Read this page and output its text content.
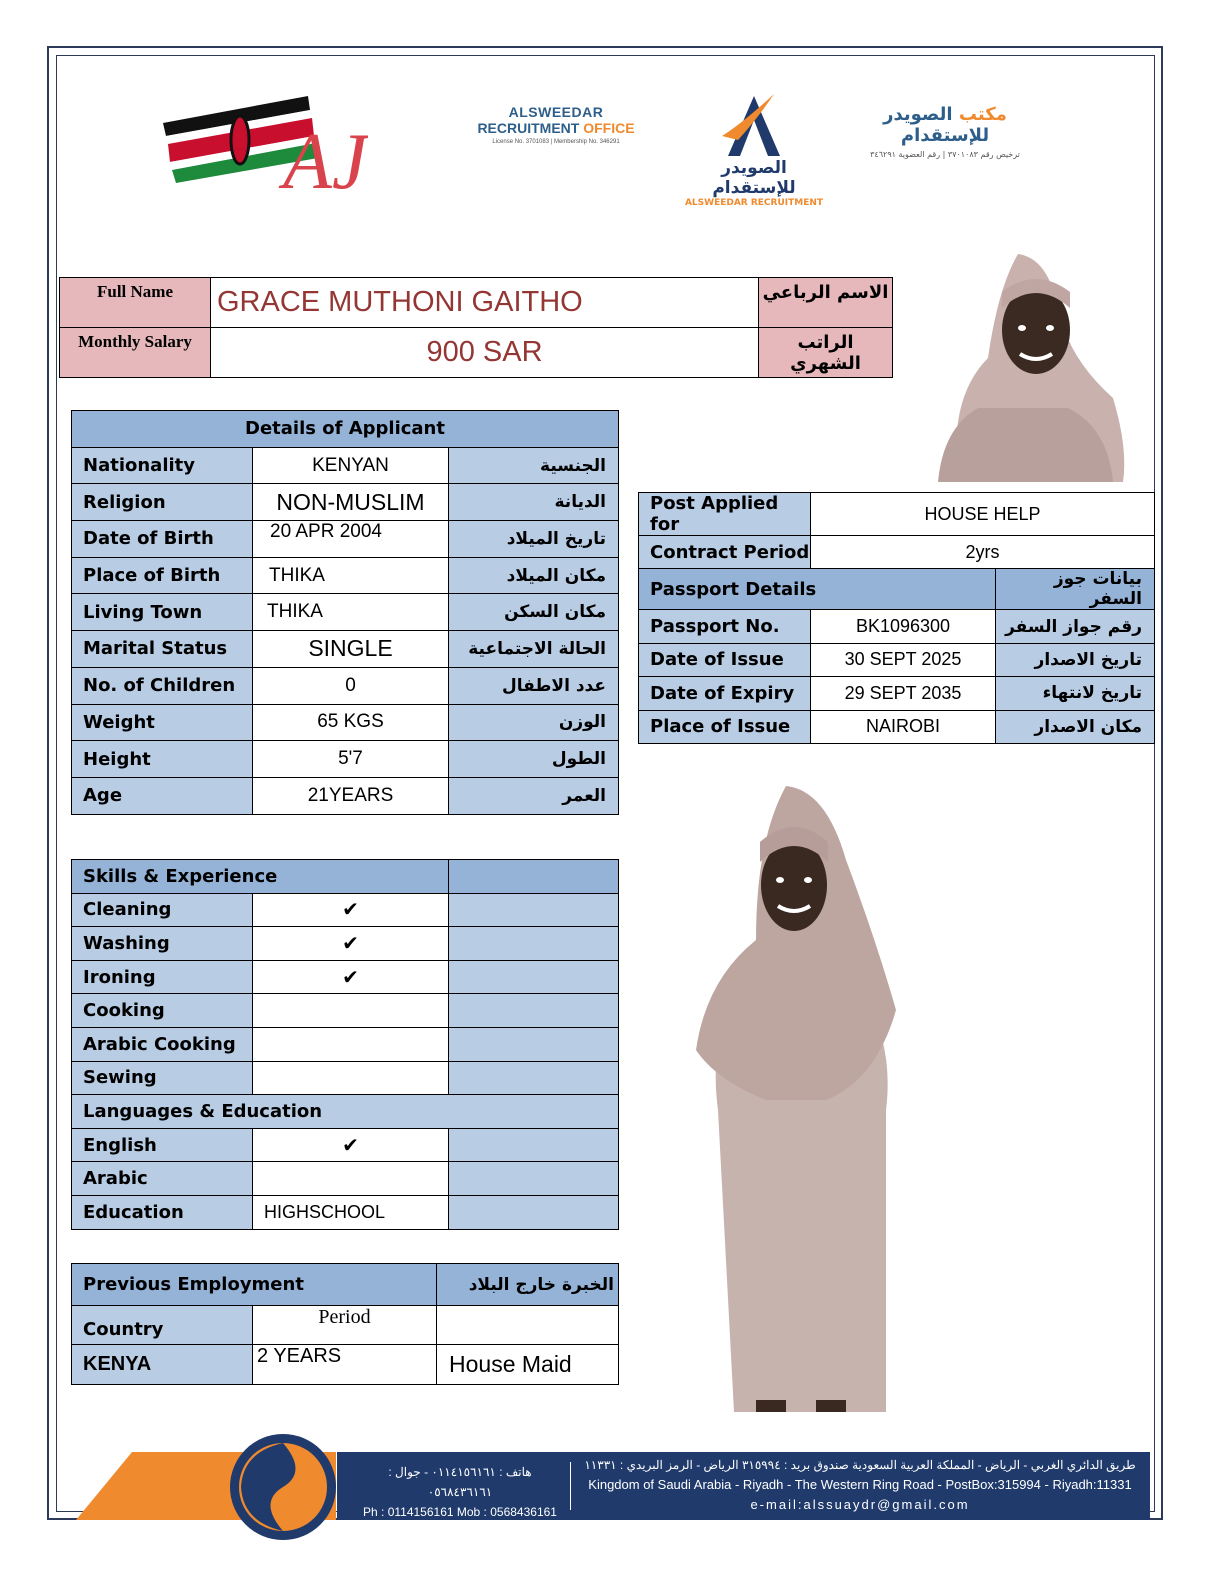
AJ
ALSWEEDAR
RECRUITMENT OFFICE
License No. 3701083 | Membership No. 346291
الصويدر للإستقدام
ALSWEEDAR RECRUITMENT
مكتب الصويدر للإستقدام
ترخيص رقم ٣٧٠١٠٨٣ | رقم العضوية ٣٤٦٢٩١
Full Name	GRACE MUTHONI GAITHO	الاسم الرباعي
Monthly Salary	900 SAR	الراتب الشهري
Details of Applicant		
Nationality	KENYAN	الجنسية
Religion	NON-MUSLIM	الديانة
Date of Birth	20 APR 2004	تاريخ الميلاد
Place of Birth	THIKA	مكان الميلاد
Living Town	THIKA	مكان السكن
Marital Status	SINGLE	الحالة الاجتماعية
No. of Children	0	عدد الاطفال
Weight	65 KGS	الوزن
Height	5'7	الطول
Age	21YEARS	العمر
Post Applied for	HOUSE HELP	
Contract Period	2yrs	
Passport Details		بيانات جوز السفر
Passport No.	BK1096300	رقم جواز السفر
Date of Issue	30 SEPT 2025	تاريخ الاصدار
Date of Expiry	29 SEPT 2035	تاريخ لانتهاء
Place of Issue	NAIROBI	مكان الاصدار
Skills & Experience		
Cleaning	✔	
Washing	✔	
Ironing	✔	
Cooking		
Arabic Cooking		
Sewing		
Languages & Education		
English	✔	
Arabic		
Education	HIGHSCHOOL	
Previous Employment		الخبرة خارج البلاد
Country	Period	
KENYA	2 YEARS	House Maid
هاتف : ٠١١٤١٥٦١٦١ - جوال : ٠٥٦٨٤٣٦١٦١
Ph : 0114156161 Mob : 0568436161
طريق الدائري الغربي - الرياض - المملكة العربية السعودية صندوق بريد : ٣١٥٩٩٤ الرياض - الرمز البريدي : ١١٣٣١
Kingdom of Saudi Arabia - Riyadh - The Western Ring Road - PostBox:315994 - Riyadh:11331
e-mail:alssuaydr@gmail.com
